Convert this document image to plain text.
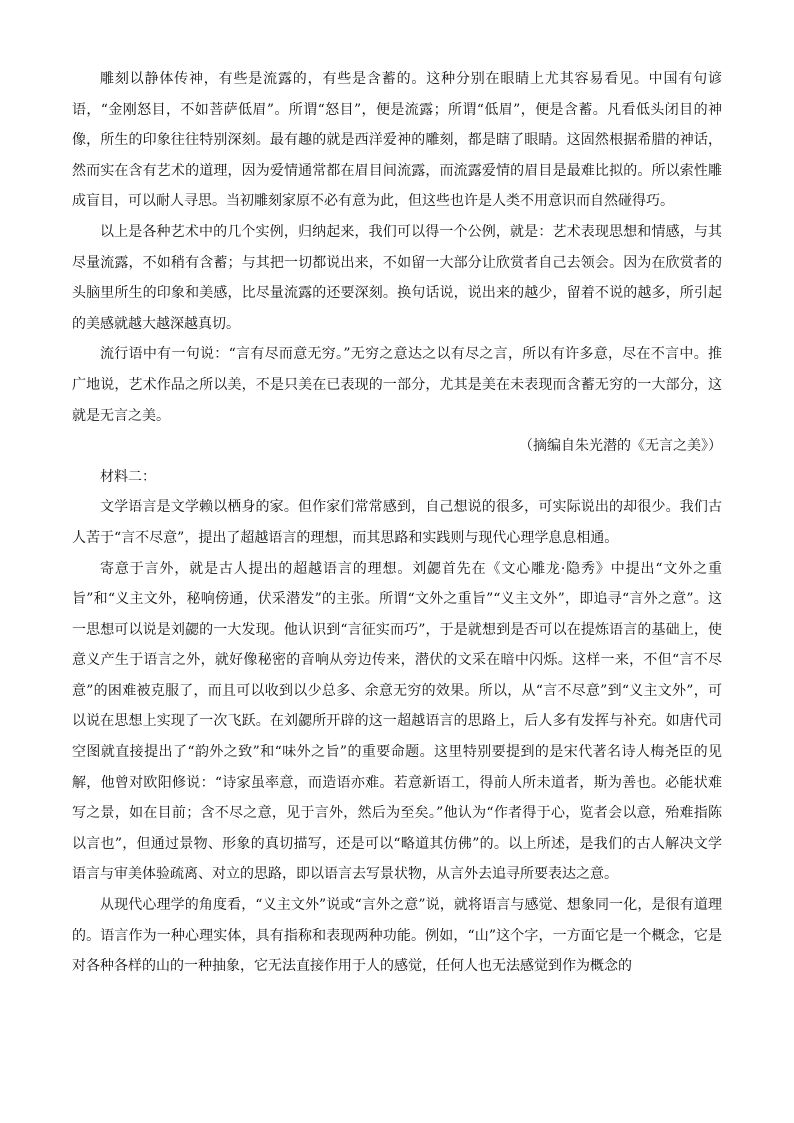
雕刻以静体传神，有些是流露的，有些是含蓄的。这种分别在眼睛上尤其容易看见。中国有句谚语，“金刚怒目，不如菩萨低眉”。所谓“怒目”，便是流露；所谓“低眉”，便是含蓄。凡看低头闭目的神像，所生的印象往往特别深刻。最有趣的就是西洋爱神的雕刻，都是瞎了眼睛。这固然根据希腊的神话，然而实在含有艺术的道理，因为爱情通常都在眉目间流露，而流露爱情的眉目是最难比拟的。所以索性雕成盲目，可以耐人寻思。当初雕刻家原不必有意为此，但这些也许是人类不用意识而自然碰得巧。

以上是各种艺术中的几个实例，归纳起来，我们可以得一个公例，就是：艺术表现思想和情感，与其尽量流露，不如稍有含蓄；与其把一切都说出来，不如留一大部分让欣赏者自己去领会。因为在欣赏者的头脑里所生的印象和美感，比尽量流露的还要深刻。换句话说，说出来的越少，留着不说的越多，所引起的美感就越大越深越真切。

流行语中有一句说：“言有尽而意无穷。”无穷之意达之以有尽之言，所以有许多意，尽在不言中。推广地说，艺术作品之所以美，不是只美在已表现的一部分，尤其是美在未表现而含蓄无穷的一大部分，这就是无言之美。

（摘编自朱光潜的《无言之美》）

材料二：

文学语言是文学赖以栖身的家。但作家们常常感到，自己想说的很多，可实际说出的却很少。我们古人苦于“言不尽意”，提出了超越语言的理想，而其思路和实践则与现代心理学息息相通。

寄意于言外，就是古人提出的超越语言的理想。刘勰首先在《文心雕龙·隐秀》中提出“文外之重旨”和“义主文外，秘响傍通，伏采潜发”的主张。所谓“文外之重旨”“义主文外”，即追寻“言外之意”。这一思想可以说是刘勰的一大发现。他认识到“言征实而巧”，于是就想到是否可以在提炼语言的基础上，使意义产生于语言之外，就好像秘密的音响从旁边传来，潜伏的文采在暗中闪烁。这样一来，不但“言不尽意”的困难被克服了，而且可以收到以少总多、余意无穷的效果。所以，从“言不尽意”到“义主文外”，可以说在思想上实现了一次飞跃。在刘勰所开辟的这一超越语言的思路上，后人多有发挥与补充。如唐代司空图就直接提出了“韵外之致”和“味外之旨”的重要命题。这里特别要提到的是宋代著名诗人梅尧臣的见解，他曾对欧阳修说：“诗家虽率意，而造语亦难。若意新语工，得前人所未道者，斯为善也。必能状难写之景，如在目前；含不尽之意，见于言外，然后为至矣。”他认为“作者得于心，览者会以意，殆难指陈以言也”，但通过景物、形象的真切描写，还是可以“略道其仿佛”的。以上所述，是我们的古人解决文学语言与审美体验疏离、对立的思路，即以语言去写景状物，从言外去追寻所要表达之意。

从现代心理学的角度看，“义主文外”说或“言外之意”说，就将语言与感觉、想象同一化，是很有道理的。语言作为一种心理实体，具有指称和表现两种功能。例如，“山”这个字，一方面它是一个概念，它是对各种各样的山的一种抽象，它无法直接作用于人的感觉，任何人也无法感觉到作为概念的
